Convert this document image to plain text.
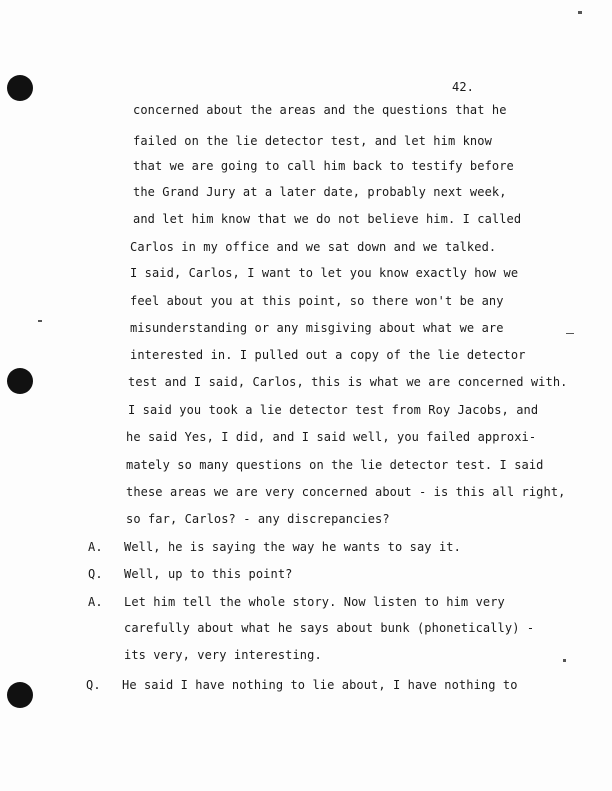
42.
concerned about the areas and the questions that he
failed on the lie detector test, and let him know
that we are going to call him back to testify before
the Grand Jury at a later date, probably next week,
and let him know that we do not believe him. I called
Carlos in my office and we sat down and we talked.
I said, Carlos, I want to let you know exactly how we
feel about you at this point, so there won't be any
misunderstanding or any misgiving about what we are
interested in. I pulled out a copy of the lie detector
test and I said, Carlos, this is what we are concerned with.
I said you took a lie detector test from Roy Jacobs, and
he said Yes, I did, and I said well, you failed approxi-
mately so many questions on the lie detector test. I said
these areas we are very concerned about - is this all right,
so far, Carlos? - any discrepancies?
A. Well, he is saying the way he wants to say it.
Q. Well, up to this point?
A. Let him tell the whole story. Now listen to him very
carefully about what he says about bunk (phonetically) -
its very, very interesting.
Q. He said I have nothing to lie about, I have nothing to
